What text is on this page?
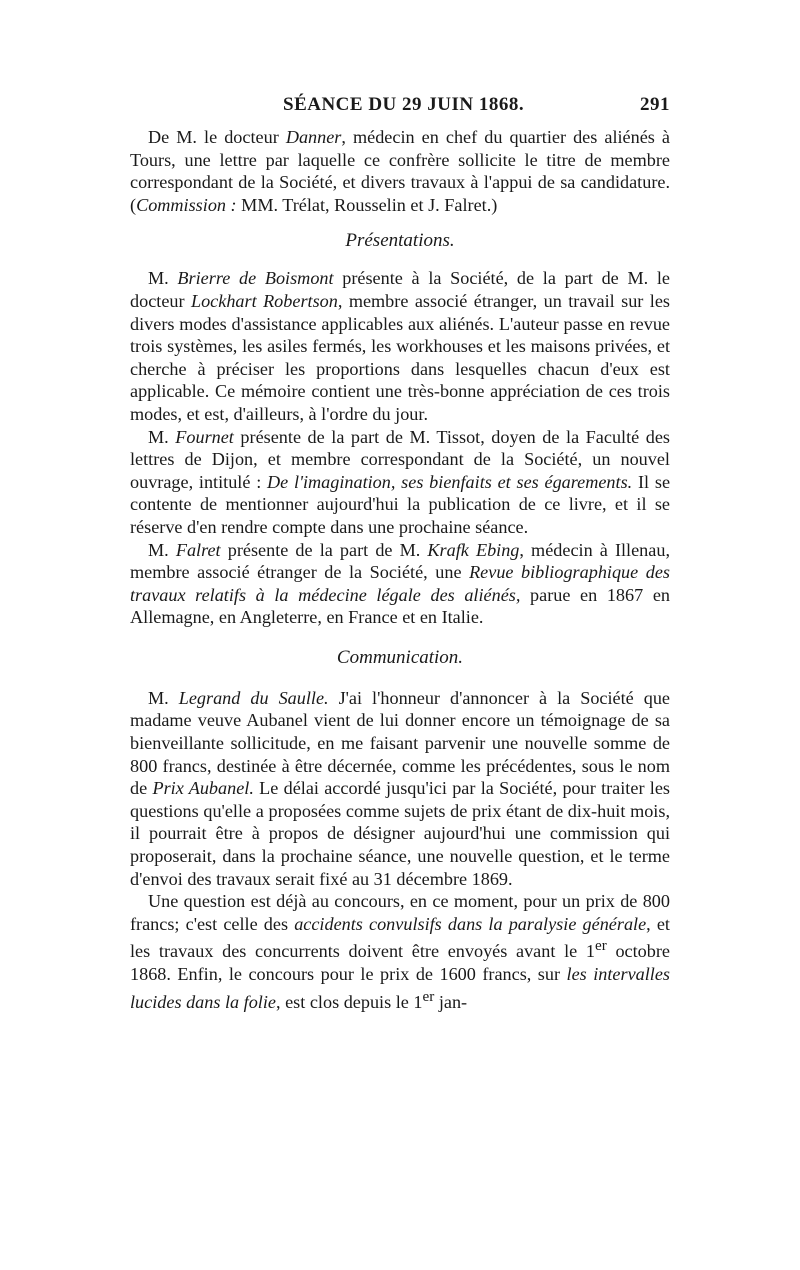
SÉANCE DU 29 JUIN 1868.	291

De M. le docteur Danner, médecin en chef du quartier des aliénés à Tours, une lettre par laquelle ce confrère sollicite le titre de membre correspondant de la Société, et divers travaux à l'appui de sa candidature. (Commission : MM. Trélat, Rousselin et J. Falret.)

Présentations.

M. Brierre de Boismont présente à la Société, de la part de M. le docteur Lockhart Robertson, membre associé étranger, un travail sur les divers modes d'assistance applicables aux aliénés. L'auteur passe en revue trois systèmes, les asiles fermés, les workhouses et les maisons privées, et cherche à préciser les proportions dans lesquelles chacun d'eux est applicable. Ce mémoire contient une très-bonne appréciation de ces trois modes, et est, d'ailleurs, à l'ordre du jour.

M. Fournet présente de la part de M. Tissot, doyen de la Faculté des lettres de Dijon, et membre correspondant de la Société, un nouvel ouvrage, intitulé : De l'imagination, ses bienfaits et ses égarements. Il se contente de mentionner aujourd'hui la publication de ce livre, et il se réserve d'en rendre compte dans une prochaine séance.

M. Falret présente de la part de M. Krafk Ebing, médecin à Illenau, membre associé étranger de la Société, une Revue bibliographique des travaux relatifs à la médecine légale des aliénés, parue en 1867 en Allemagne, en Angleterre, en France et en Italie.

Communication.

M. Legrand du Saulle. J'ai l'honneur d'annoncer à la Société que madame veuve Aubanel vient de lui donner encore un témoignage de sa bienveillante sollicitude, en me faisant parvenir une nouvelle somme de 800 francs, destinée à être décernée, comme les précédentes, sous le nom de Prix Aubanel. Le délai accordé jusqu'ici par la Société, pour traiter les questions qu'elle a proposées comme sujets de prix étant de dix-huit mois, il pourrait être à propos de désigner aujourd'hui une commission qui proposerait, dans la prochaine séance, une nouvelle question, et le terme d'envoi des travaux serait fixé au 31 décembre 1869.

Une question est déjà au concours, en ce moment, pour un prix de 800 francs; c'est celle des accidents convulsifs dans la paralysie générale, et les travaux des concurrents doivent être envoyés avant le 1er octobre 1868. Enfin, le concours pour le prix de 1600 francs, sur les intervalles lucides dans la folie, est clos depuis le 1er jan-
